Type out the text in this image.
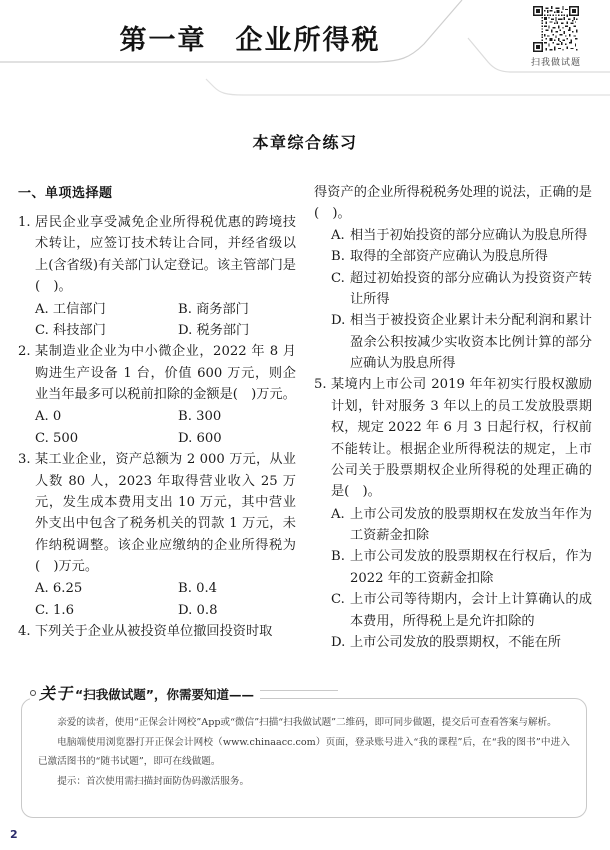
第一章　企业所得税
扫我做试题
本章综合练习
一、单项选择题
1. 居民企业享受减免企业所得税优惠的跨境技术转让，应签订技术转让合同，并经省级以上(含省级)有关部门认定登记。该主管部门是(　)。
A. 工信部门	B. 商务部门
C. 科技部门	D. 税务部门
2. 某制造业企业为中小微企业，2022 年 8 月购进生产设备 1 台，价值 600 万元，则企业当年最多可以税前扣除的金额是(　)万元。
A. 0	B. 300
C. 500	D. 600
3. 某工业企业，资产总额为 2 000 万元，从业人数 80 人，2023 年取得营业收入 25 万元，发生成本费用支出 10 万元，其中营业外支出中包含了税务机关的罚款 1 万元，未作纳税调整。该企业应缴纳的企业所得税为(　)万元。
A. 6.25	B. 0.4
C. 1.6	D. 0.8
4. 下列关于企业从被投资单位撤回投资时取
得资产的企业所得税税务处理的说法，正确的是(　)。
A. 相当于初始投资的部分应确认为股息所得
B. 取得的全部资产应确认为股息所得
C. 超过初始投资的部分应确认为投资资产转让所得
D. 相当于被投资企业累计未分配利润和累计盈余公积按减少实收资本比例计算的部分应确认为股息所得
5. 某境内上市公司 2019 年年初实行股权激励计划，针对服务 3 年以上的员工发放股票期权，规定 2022 年 6 月 3 日起行权，行权前不能转让。根据企业所得税法的规定，上市公司关于股票期权企业所得税的处理正确的是(　)。
A. 上市公司发放的股票期权在发放当年作为工资薪金扣除
B. 上市公司发放的股票期权在行权后，作为 2022 年的工资薪金扣除
C. 上市公司等待期内，会计上计算确认的成本费用，所得税上是允许扣除的
D. 上市公司发放的股票期权，不能在所

亲爱的读者，使用“正保会计网校”App或“微信”扫描“扫我做试题”二维码，即可同步做题，提交后可查看答案与解析。

电脑端使用浏览器打开正保会计网校（www.chinaacc.com）页面，登录账号进入“我的课程”后，在“我的图书”中进入已激活图书的“随书试题”，即可在线做题。

提示：首次使用需扫描封面防伪码激活服务。

关于 “扫我做试题”，你需要知道——
2
